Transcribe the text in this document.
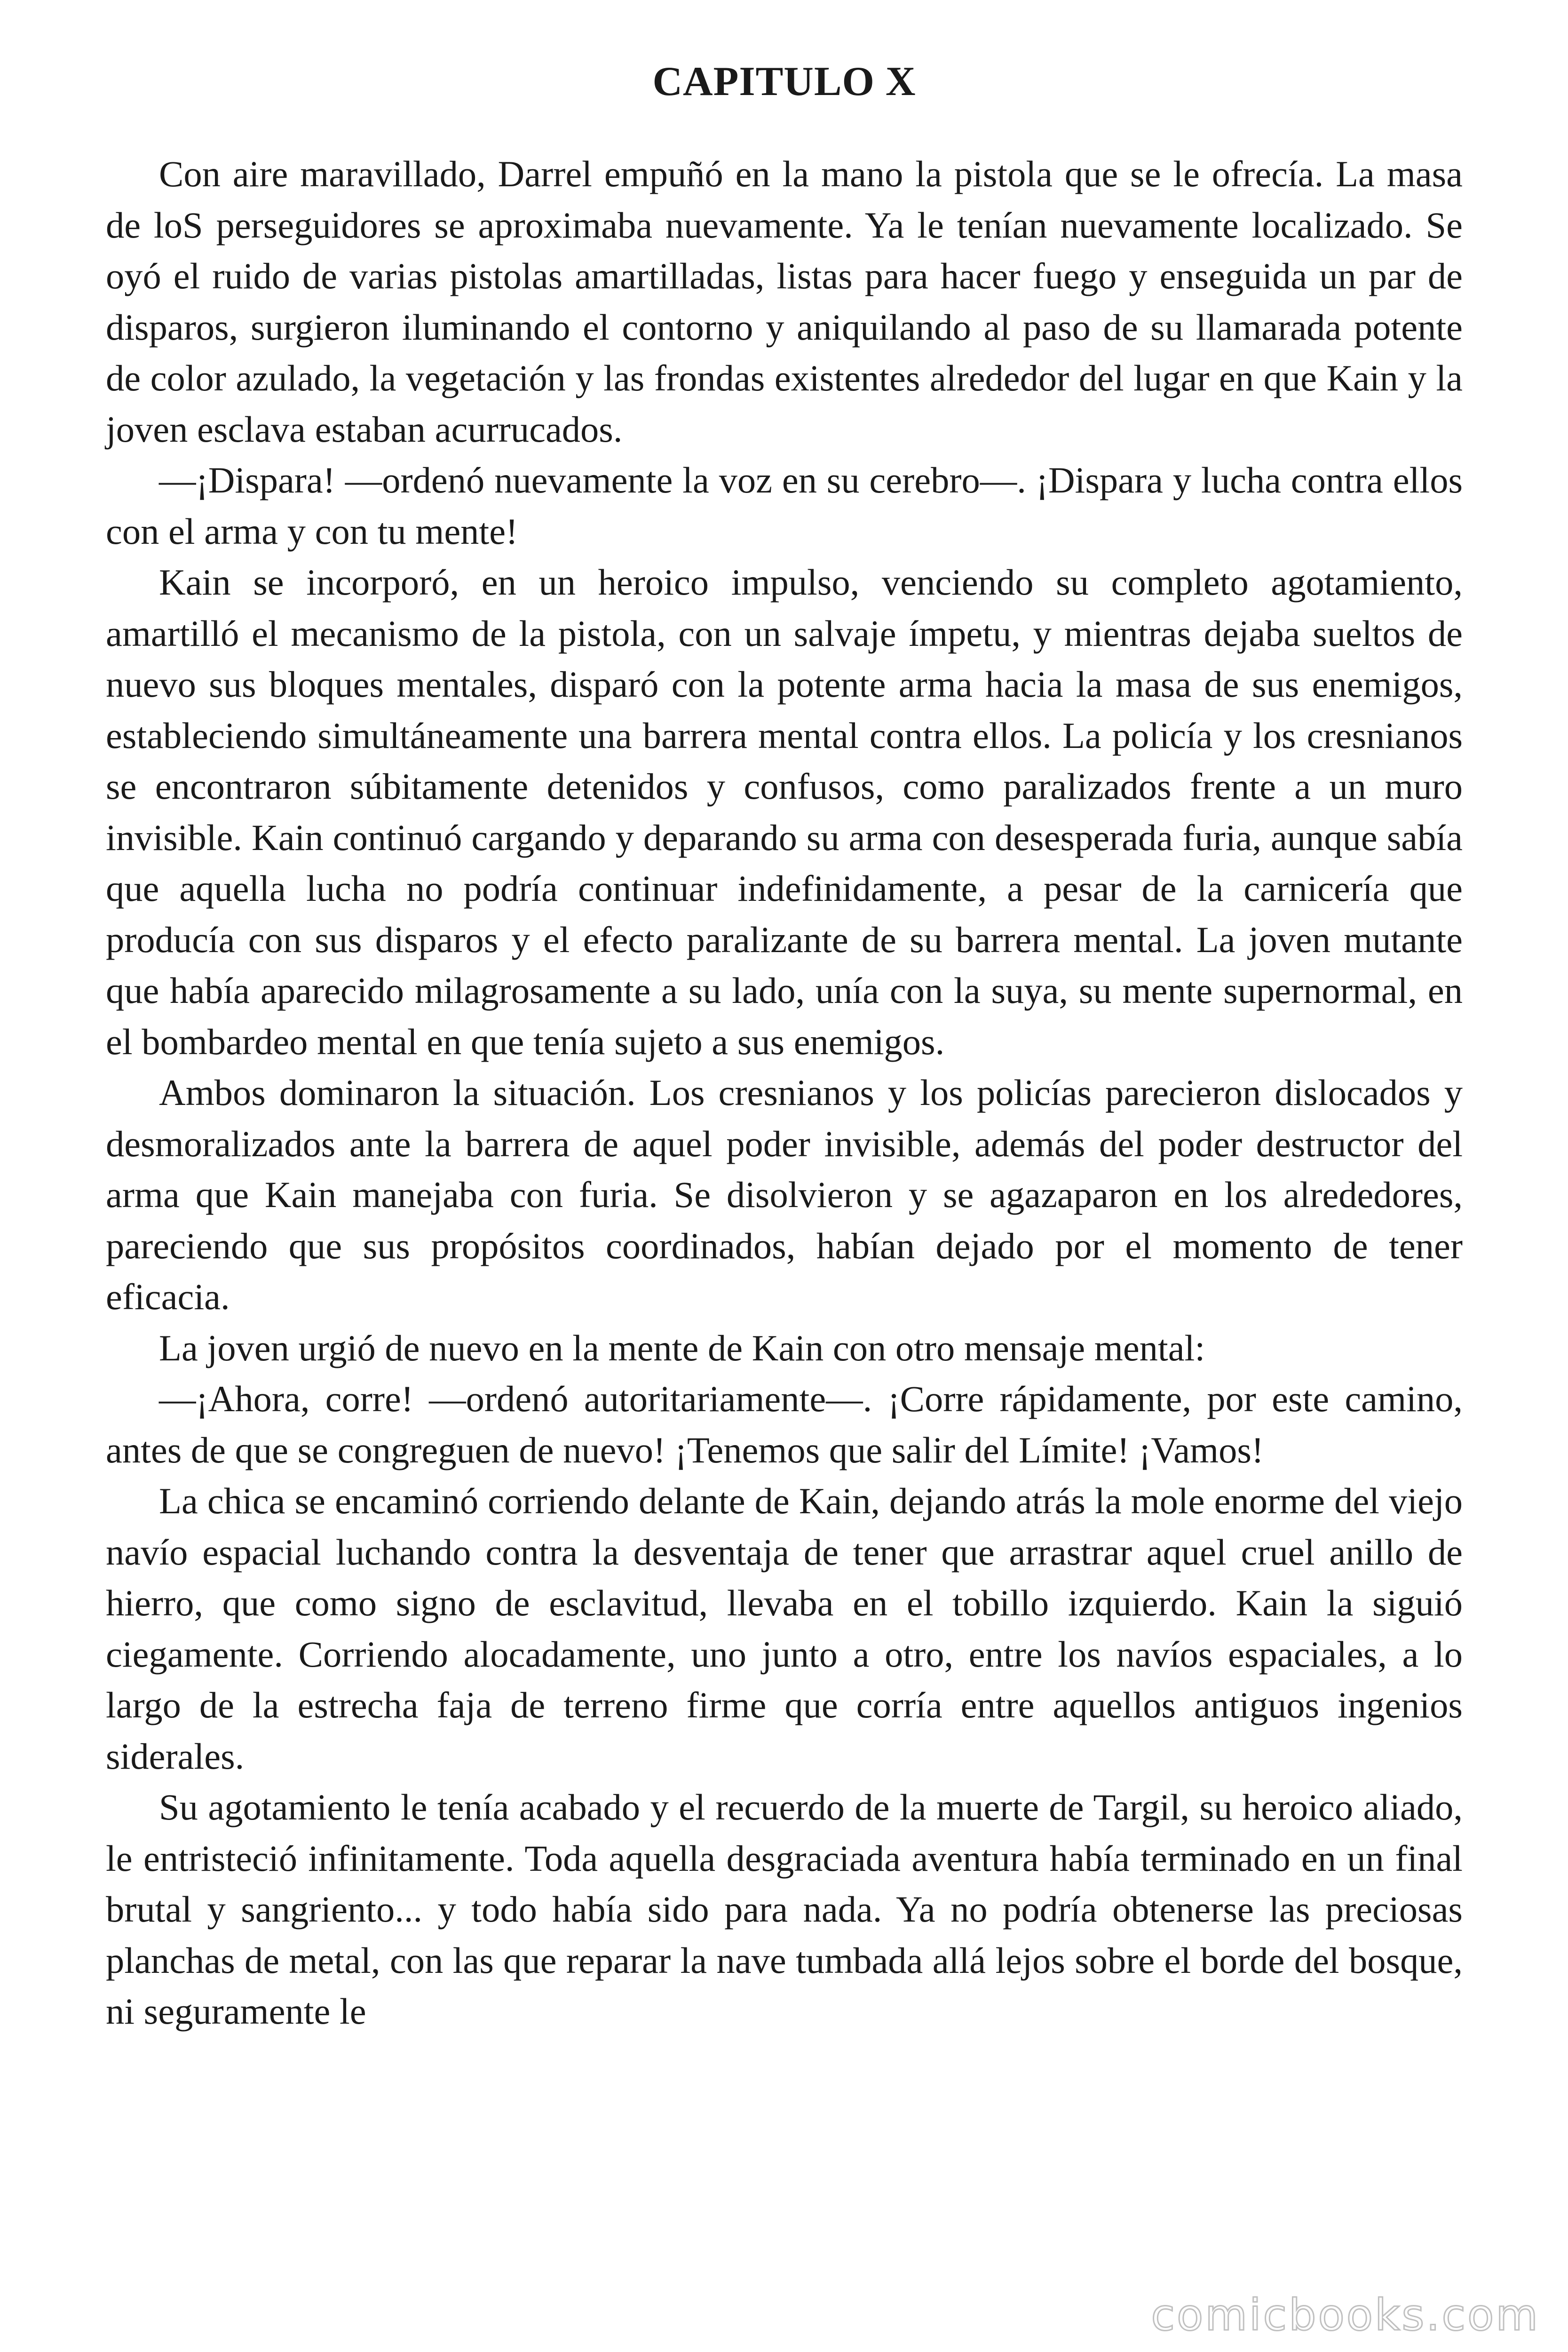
CAPITULO X

Con aire maravillado, Darrel empuñó en la mano la pistola que se le ofrecía. La masa de loS perseguidores se aproximaba nuevamente. Ya le tenían nuevamente localizado. Se oyó el ruido de varias pistolas amartilladas, listas para hacer fuego y enseguida un par de disparos, surgieron iluminando el contorno y aniquilando al paso de su llamarada potente de color azulado, la vegetación y las frondas existentes alrededor del lugar en que Kain y la joven esclava estaban acurrucados.

—¡Dispara! —ordenó nuevamente la voz en su cerebro—. ¡Dispara y lucha contra ellos con el arma y con tu mente!

Kain se incorporó, en un heroico impulso, venciendo su completo agotamiento, amartilló el mecanismo de la pistola, con un salvaje ímpetu, y mientras dejaba sueltos de nuevo sus bloques mentales, disparó con la potente arma hacia la masa de sus enemigos, estableciendo simultáneamente una barrera mental contra ellos. La policía y los cresnianos se encontraron súbitamente detenidos y confusos, como paralizados frente a un muro invisible. Kain continuó cargando y deparando su arma con desesperada furia, aunque sabía que aquella lucha no podría continuar indefinidamente, a pesar de la carnicería que producía con sus disparos y el efecto paralizante de su barrera mental. La joven mutante que había aparecido milagrosamente a su lado, unía con la suya, su mente supernormal, en el bombardeo mental en que tenía sujeto a sus enemigos.

Ambos dominaron la situación. Los cresnianos y los policías parecieron dislocados y desmoralizados ante la barrera de aquel poder invisible, además del poder destructor del arma que Kain manejaba con furia. Se disolvieron y se agazaparon en los alrededores, pareciendo que sus propósitos coordinados, habían dejado por el momento de tener eficacia.

La joven urgió de nuevo en la mente de Kain con otro mensaje mental:

—¡Ahora, corre! —ordenó autoritariamente—. ¡Corre rápidamente, por este camino, antes de que se congreguen de nuevo! ¡Tenemos que salir del Límite! ¡Vamos!

La chica se encaminó corriendo delante de Kain, dejando atrás la mole enorme del viejo navío espacial luchando contra la desventaja de tener que arrastrar aquel cruel anillo de hierro, que como signo de esclavitud, llevaba en el tobillo izquierdo. Kain la siguió ciegamente. Corriendo alocadamente, uno junto a otro, entre los navíos espaciales, a lo largo de la estrecha faja de terreno firme que corría entre aquellos antiguos ingenios siderales.

Su agotamiento le tenía acabado y el recuerdo de la muerte de Targil, su heroico aliado, le entristeció infinitamente. Toda aquella desgraciada aventura había terminado en un final brutal y sangriento... y todo había sido para nada. Ya no podría obtenerse las preciosas planchas de metal, con las que reparar la nave tumbada allá lejos sobre el borde del bosque, ni seguramente le

comicbooks.com
